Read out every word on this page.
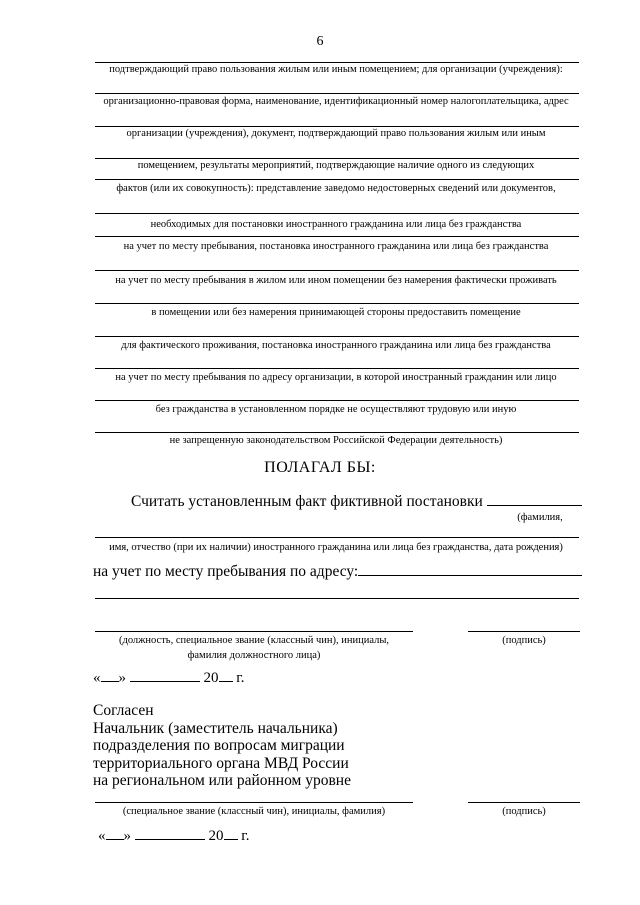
6
подтверждающий право пользования жилым или иным помещением; для организации (учреждения):
организационно-правовая форма, наименование, идентификационный номер налогоплательщика, адрес
организации (учреждения), документ, подтверждающий право пользования жилым или иным
помещением, результаты мероприятий, подтверждающие наличие одного из следующих
фактов (или их совокупность): представление заведомо недостоверных сведений или документов,
необходимых для постановки иностранного гражданина или лица без гражданства
на учет по месту пребывания, постановка иностранного гражданина или лица без гражданства
на учет по месту пребывания в жилом или ином помещении без намерения фактически проживать
в помещении или без намерения принимающей стороны предоставить помещение
для фактического проживания, постановка иностранного гражданина или лица без гражданства
на учет по месту пребывания по адресу организации, в которой иностранный гражданин или лицо
без гражданства в установленном порядке не осуществляют трудовую или иную
не запрещенную законодательством Российской Федерации деятельность)
ПОЛАГАЛ БЫ:
Считать установленным факт фиктивной постановки
(фамилия,
имя, отчество (при их наличии) иностранного гражданина или лица без гражданства, дата рождения)
на учет по месту пребывания по адресу:
(должность, специальное звание (классный чин), инициалы,
фамилия должностного лица)
(подпись)
« »	20 г.
Согласен
Начальник (заместитель начальника)
подразделения по вопросам миграции
территориального органа МВД России
на региональном или районном уровне
(специальное звание (классный чин), инициалы, фамилия)	(подпись)
« »	20 г.
